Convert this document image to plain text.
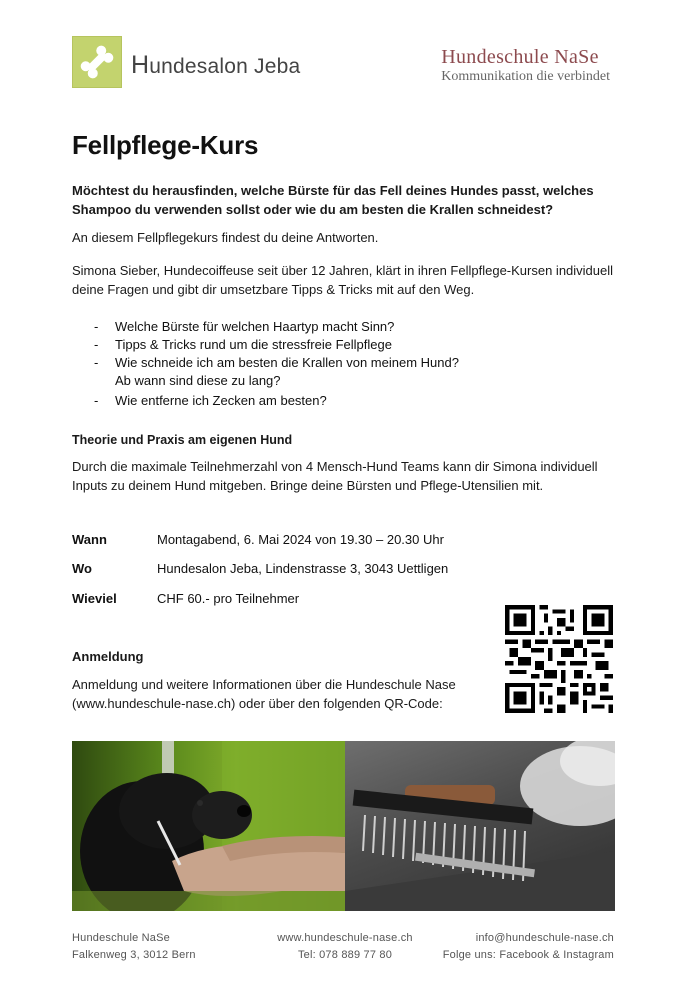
Hundesalon Jeba	Hundeschule NaSe
Kommunikation die verbindet
Fellpflege-Kurs

Möchtest du herausfinden, welche Bürste für das Fell deines Hundes passt, welches Shampoo du verwenden sollst oder wie du am besten die Krallen schneidest?

An diesem Fellpflegekurs findest du deine Antworten.

Simona Sieber, Hundecoiffeuse seit über 12 Jahren, klärt in ihren Fellpflege-Kursen individuell deine Fragen und gibt dir umsetzbare Tipps & Tricks mit auf den Weg.

- Welche Bürste für welchen Haartyp macht Sinn?
- Tipps & Tricks rund um die stressfreie Fellpflege
- Wie schneide ich am besten die Krallen von meinem Hund?
Ab wann sind diese zu lang?
- Wie entferne ich Zecken am besten?

Theorie und Praxis am eigenen Hund

Durch die maximale Teilnehmerzahl von 4 Mensch-Hund Teams kann dir Simona individuell Inputs zu deinem Hund mitgeben. Bringe deine Bürsten und Pflege-Utensilien mit.

Wann	Montagabend, 6. Mai 2024 von 19.30 – 20.30 Uhr
Wo	Hundesalon Jeba, Lindenstrasse 3, 3043 Uettligen
Wieviel	CHF 60.- pro Teilnehmer

Anmeldung

Anmeldung und weitere Informationen über die Hundeschule Nase (www.hundeschule-nase.ch) oder über den folgenden QR-Code:

Hundeschule NaSe
Falkenweg 3, 3012 Bern
www.hundeschule-nase.ch
Tel: 078 889 77 80
info@hundeschule-nase.ch
Folge uns: Facebook & Instagram
